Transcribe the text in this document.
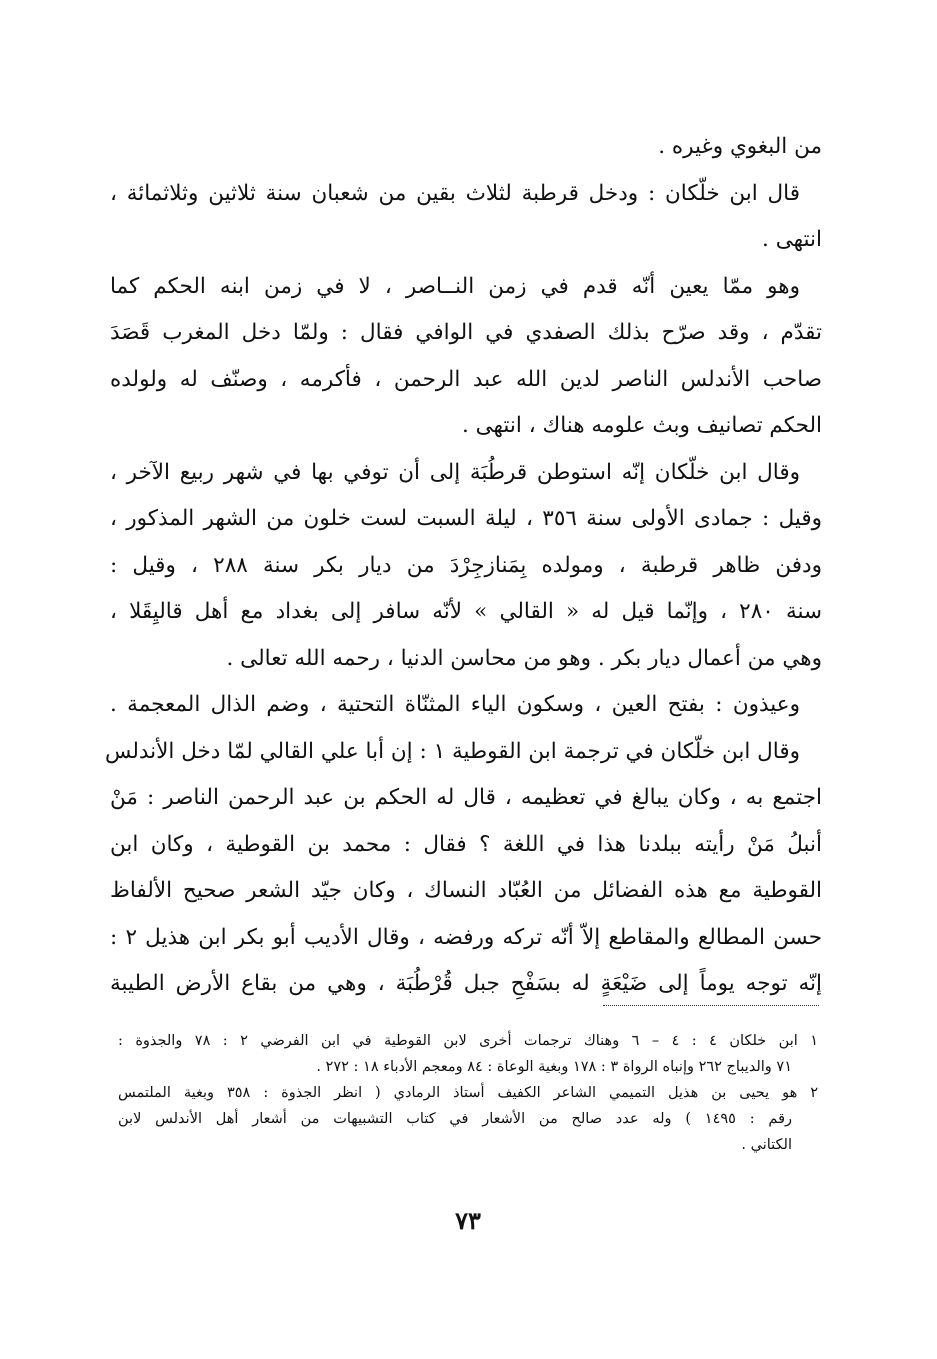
من البغوي وغيره .
قال ابن خلّكان : ودخل قرطبة لثلاث بقين من شعبان سنة ثلاثين وثلاثمائة ،
انتهى .
وهو ممّا يعين أنّه قدم في زمن النــاصر ، لا في زمن ابنه الحكم كما
تقدّم ، وقد صرّح بذلك الصفدي في الوافي فقال : ولمّا دخل المغرب قَصَدَ
صاحب الأندلس الناصر لدين الله عبد الرحمن ، فأكرمه ، وصنّف له ولولده
الحكم تصانيف وبث علومه هناك ، انتهى .
وقال ابن خلّكان إنّه استوطن قرطُبَة إلى أن توفي بها في شهر ربيع الآخر ،
وقيل : جمادى الأولى سنة ٣٥٦ ، ليلة السبت لست خلون من الشهر المذكور ،
ودفن ظاهر قرطبة ، ومولده بِمَنازجِرْدَ من ديار بكر سنة ٢٨٨ ، وقيل :
سنة ٢٨٠ ، وإنّما قيل له « القالي » لأنّه سافر إلى بغداد مع أهل قاليِقَلا ،
وهي من أعمال ديار بكر . وهو من محاسن الدنيا ، رحمه الله تعالى .
وعيذون : بفتح العين ، وسكون الياء المثنّاة التحتية ، وضم الذال المعجمة .
وقال ابن خلّكان في ترجمة ابن القوطية ١ : إن أبا علي القالي لمّا دخل الأندلس
اجتمع به ، وكان يبالغ في تعظيمه ، قال له الحكم بن عبد الرحمن الناصر : مَنْ
أنبلُ مَنْ رأيته ببلدنا هذا في اللغة ؟ فقال : محمد بن القوطية ، وكان ابن
القوطية مع هذه الفضائل من العُبّاد النساك ، وكان جيّد الشعر صحيح الألفاظ
حسن المطالع والمقاطع إلاّ أنّه تركه ورفضه ، وقال الأديب أبو بكر ابن هذيل ٢ :
إنّه توجه يوماً إلى ضَيْعَةٍ له بسَفْحِ جبل قُرْطُبَة ، وهي من بقاع الأرض الطيبة
١ ابن خلكان ٤ : ٤ – ٦ وهناك ترجمات أخرى لابن القوطية في ابن الفرضي ٢ : ٧٨ والجذوة :
٧١ والديباج ٢٦٢ وإنباه الرواة ٣ : ١٧٨ وبغية الوعاة : ٨٤ ومعجم الأدباء ١٨ : ٢٧٢ .
٢ هو يحيى بن هذيل التميمي الشاعر الكفيف أستاذ الرمادي ( انظر الجذوة : ٣٥٨ وبغية الملتمس
رقم : ١٤٩٥ ) وله عدد صالح من الأشعار في كتاب التشبيهات من أشعار أهل الأندلس لابن
الكتاني .
٧٣
